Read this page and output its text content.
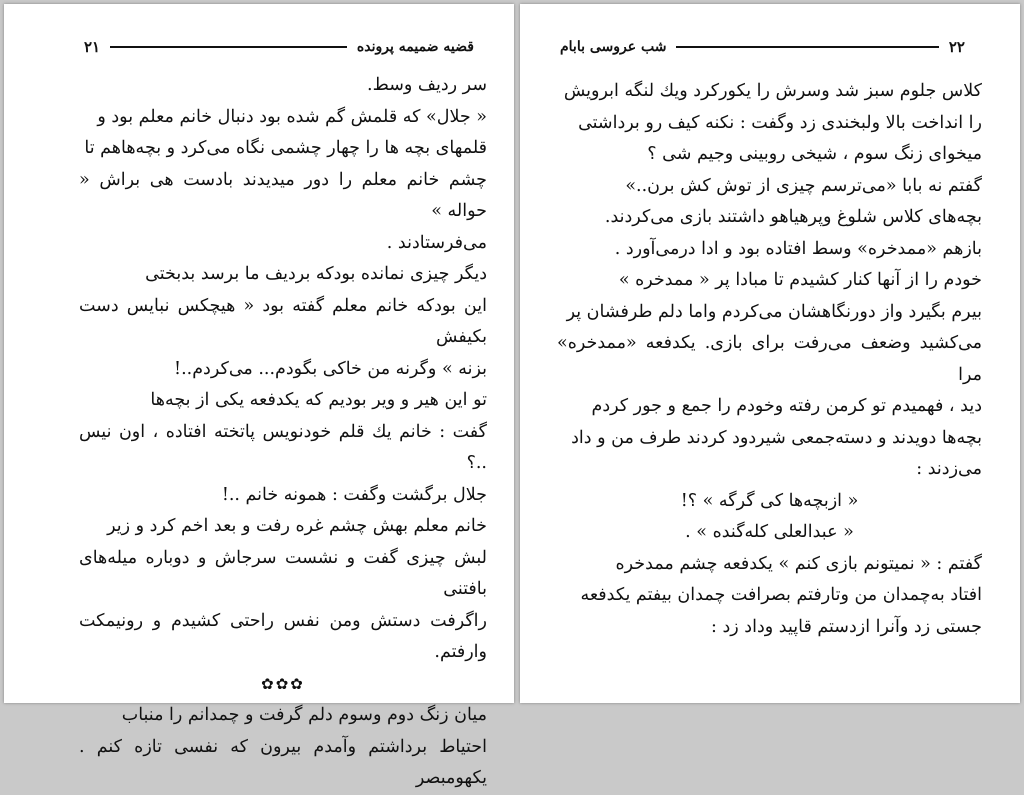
قضیه ضمیمه پرونده
۲۱

سر ردیف وسط.

« جلال» که قلمش گم شده بود دنبال خانم معلم بود و

قلمهای بچه ها را چهار چشمی نگاه می‌کرد و بچه‌هاهم تا

چشم خانم معلم را دور میدیدند بادست هی براش « حواله »

می‌فرستادند .

دیگر چیزی نمانده بودکه بردیف ما برسد بدبختی

این بودکه خانم معلم گفته بود « هیچکس نبایس دست بکیفش

بزنه » وگرنه من خاکی بگودم... می‌کردم..!

تو این هیر و ویر بودیم که یکدفعه یکی از بچه‌ها

گفت : خانم یك قلم خودنویس پاتخته افتاده ، اون نیس ..؟

جلال برگشت وگفت : همونه خانم ..!

خانم معلم بهش چشم غره رفت و بعد اخم کرد و زیر

لبش چیزی گفت و نشست سرجاش و دوباره میله‌های بافتنی

راگرفت دستش ومن نفس راحتی کشیدم و رونیمکت وارفتم.

✿✿✿

میان زنگ دوم وسوم دلم گرفت و چمدانم را منباب

احتیاط برداشتم وآمدم بیرون که نفسی تازه کنم . یکهومبصر

۲۲
شب عروسی بابام

کلاس جلوم سبز شد وسرش را یکورکرد ویك لنگه ابرویش

را انداخت بالا ولبخندی زد وگفت : نکنه کیف رو برداشتی

میخوای زنگ سوم ، شیخی روبینی وجیم شی ؟

گفتم نه بابا «می‌ترسم چیزی از توش کش برن..»

بچه‌های کلاس شلوغ وپرهیاهو داشتند بازی می‌کردند.

بازهم «ممدخره» وسط افتاده بود و ادا درمی‌آورد .

خودم را از آنها کنار کشیدم تا مبادا پر « ممدخره »

بیرم بگیرد واز دورنگاهشان می‌کردم واما دلم طرفشان پر

می‌کشید وضعف می‌رفت برای بازی. یکدفعه «ممدخره» مرا

دید ، فهمیدم تو کرمن رفته وخودم را جمع و جور کردم

بچه‌ها دویدند و دسته‌جمعی شیردود کردند طرف من و داد

می‌زدند :

« ازبچه‌ها کی گرگه » ؟!

« عبدالعلی کله‌گنده » .

گفتم : « نمیتونم بازی کنم » یکدفعه چشم ممدخره

افتاد به‌چمدان من وتارفتم بصرافت چمدان بیفتم یکدفعه

جستی زد وآنرا ازدستم قاپید وداد زد :
